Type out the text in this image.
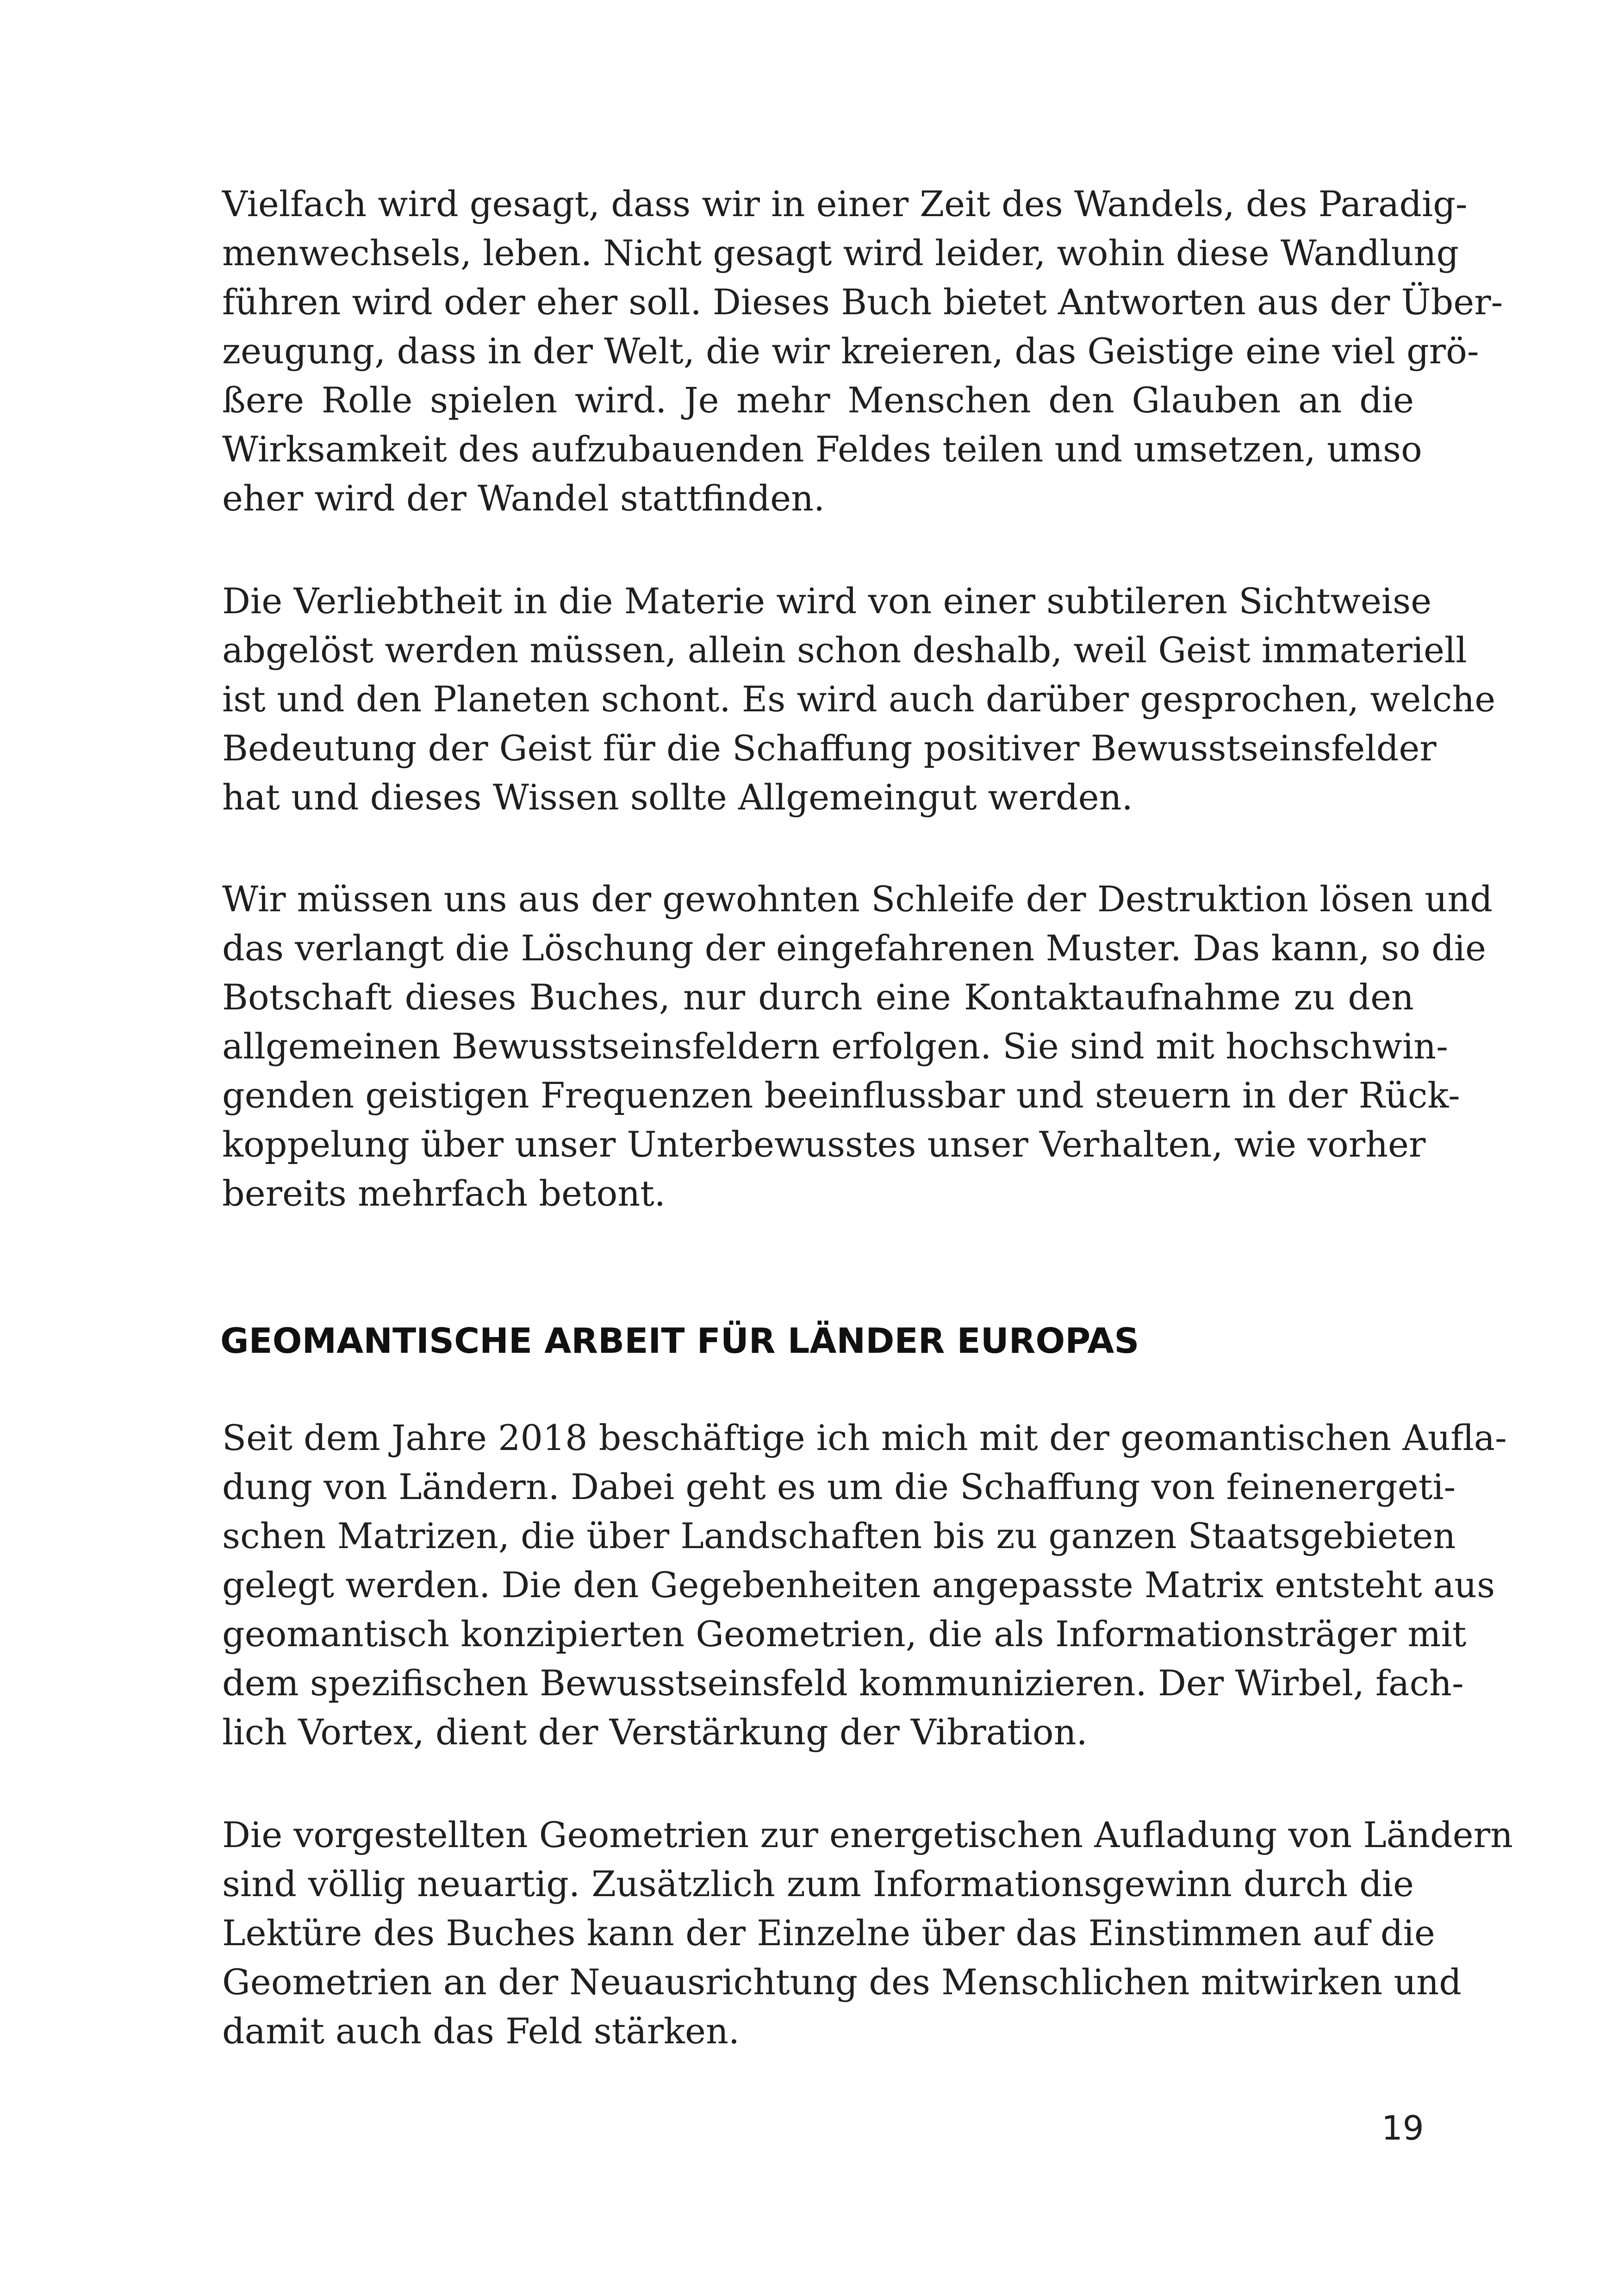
Vielfach wird gesagt, dass wir in einer Zeit des Wandels, des Paradig-
menwechsels, leben. Nicht gesagt wird leider, wohin diese Wandlung
führen wird oder eher soll. Dieses Buch bietet Antworten aus der Über-
zeugung, dass in der Welt, die wir kreieren, das Geistige eine viel grö-
ßere Rolle spielen wird. Je mehr Menschen den Glauben an die
Wirksamkeit des aufzubauenden Feldes teilen und umsetzen, umso
eher wird der Wandel stattfinden.
Die Verliebtheit in die Materie wird von einer subtileren Sichtweise
abgelöst werden müssen, allein schon deshalb, weil Geist immateriell
ist und den Planeten schont. Es wird auch darüber gesprochen, welche
Bedeutung der Geist für die Schaffung positiver Bewusstseinsfelder
hat und dieses Wissen sollte Allgemeingut werden.
Wir müssen uns aus der gewohnten Schleife der Destruktion lösen und
das verlangt die Löschung der eingefahrenen Muster. Das kann, so die
Botschaft dieses Buches, nur durch eine Kontaktaufnahme zu den
allgemeinen Bewusstseinsfeldern erfolgen. Sie sind mit hochschwin-
genden geistigen Frequenzen beeinflussbar und steuern in der Rück-
koppelung über unser Unterbewusstes unser Verhalten, wie vorher
bereits mehrfach betont.
GEOMANTISCHE ARBEIT FÜR LÄNDER EUROPAS
Seit dem Jahre 2018 beschäftige ich mich mit der geomantischen Aufla-
dung von Ländern. Dabei geht es um die Schaffung von feinenergeti-
schen Matrizen, die über Landschaften bis zu ganzen Staatsgebieten
gelegt werden. Die den Gegebenheiten angepasste Matrix entsteht aus
geomantisch konzipierten Geometrien, die als Informationsträger mit
dem spezifischen Bewusstseinsfeld kommunizieren. Der Wirbel, fach-
lich Vortex, dient der Verstärkung der Vibration.
Die vorgestellten Geometrien zur energetischen Aufladung von Ländern
sind völlig neuartig. Zusätzlich zum Informationsgewinn durch die
Lektüre des Buches kann der Einzelne über das Einstimmen auf die
Geometrien an der Neuausrichtung des Menschlichen mitwirken und
damit auch das Feld stärken.
19
